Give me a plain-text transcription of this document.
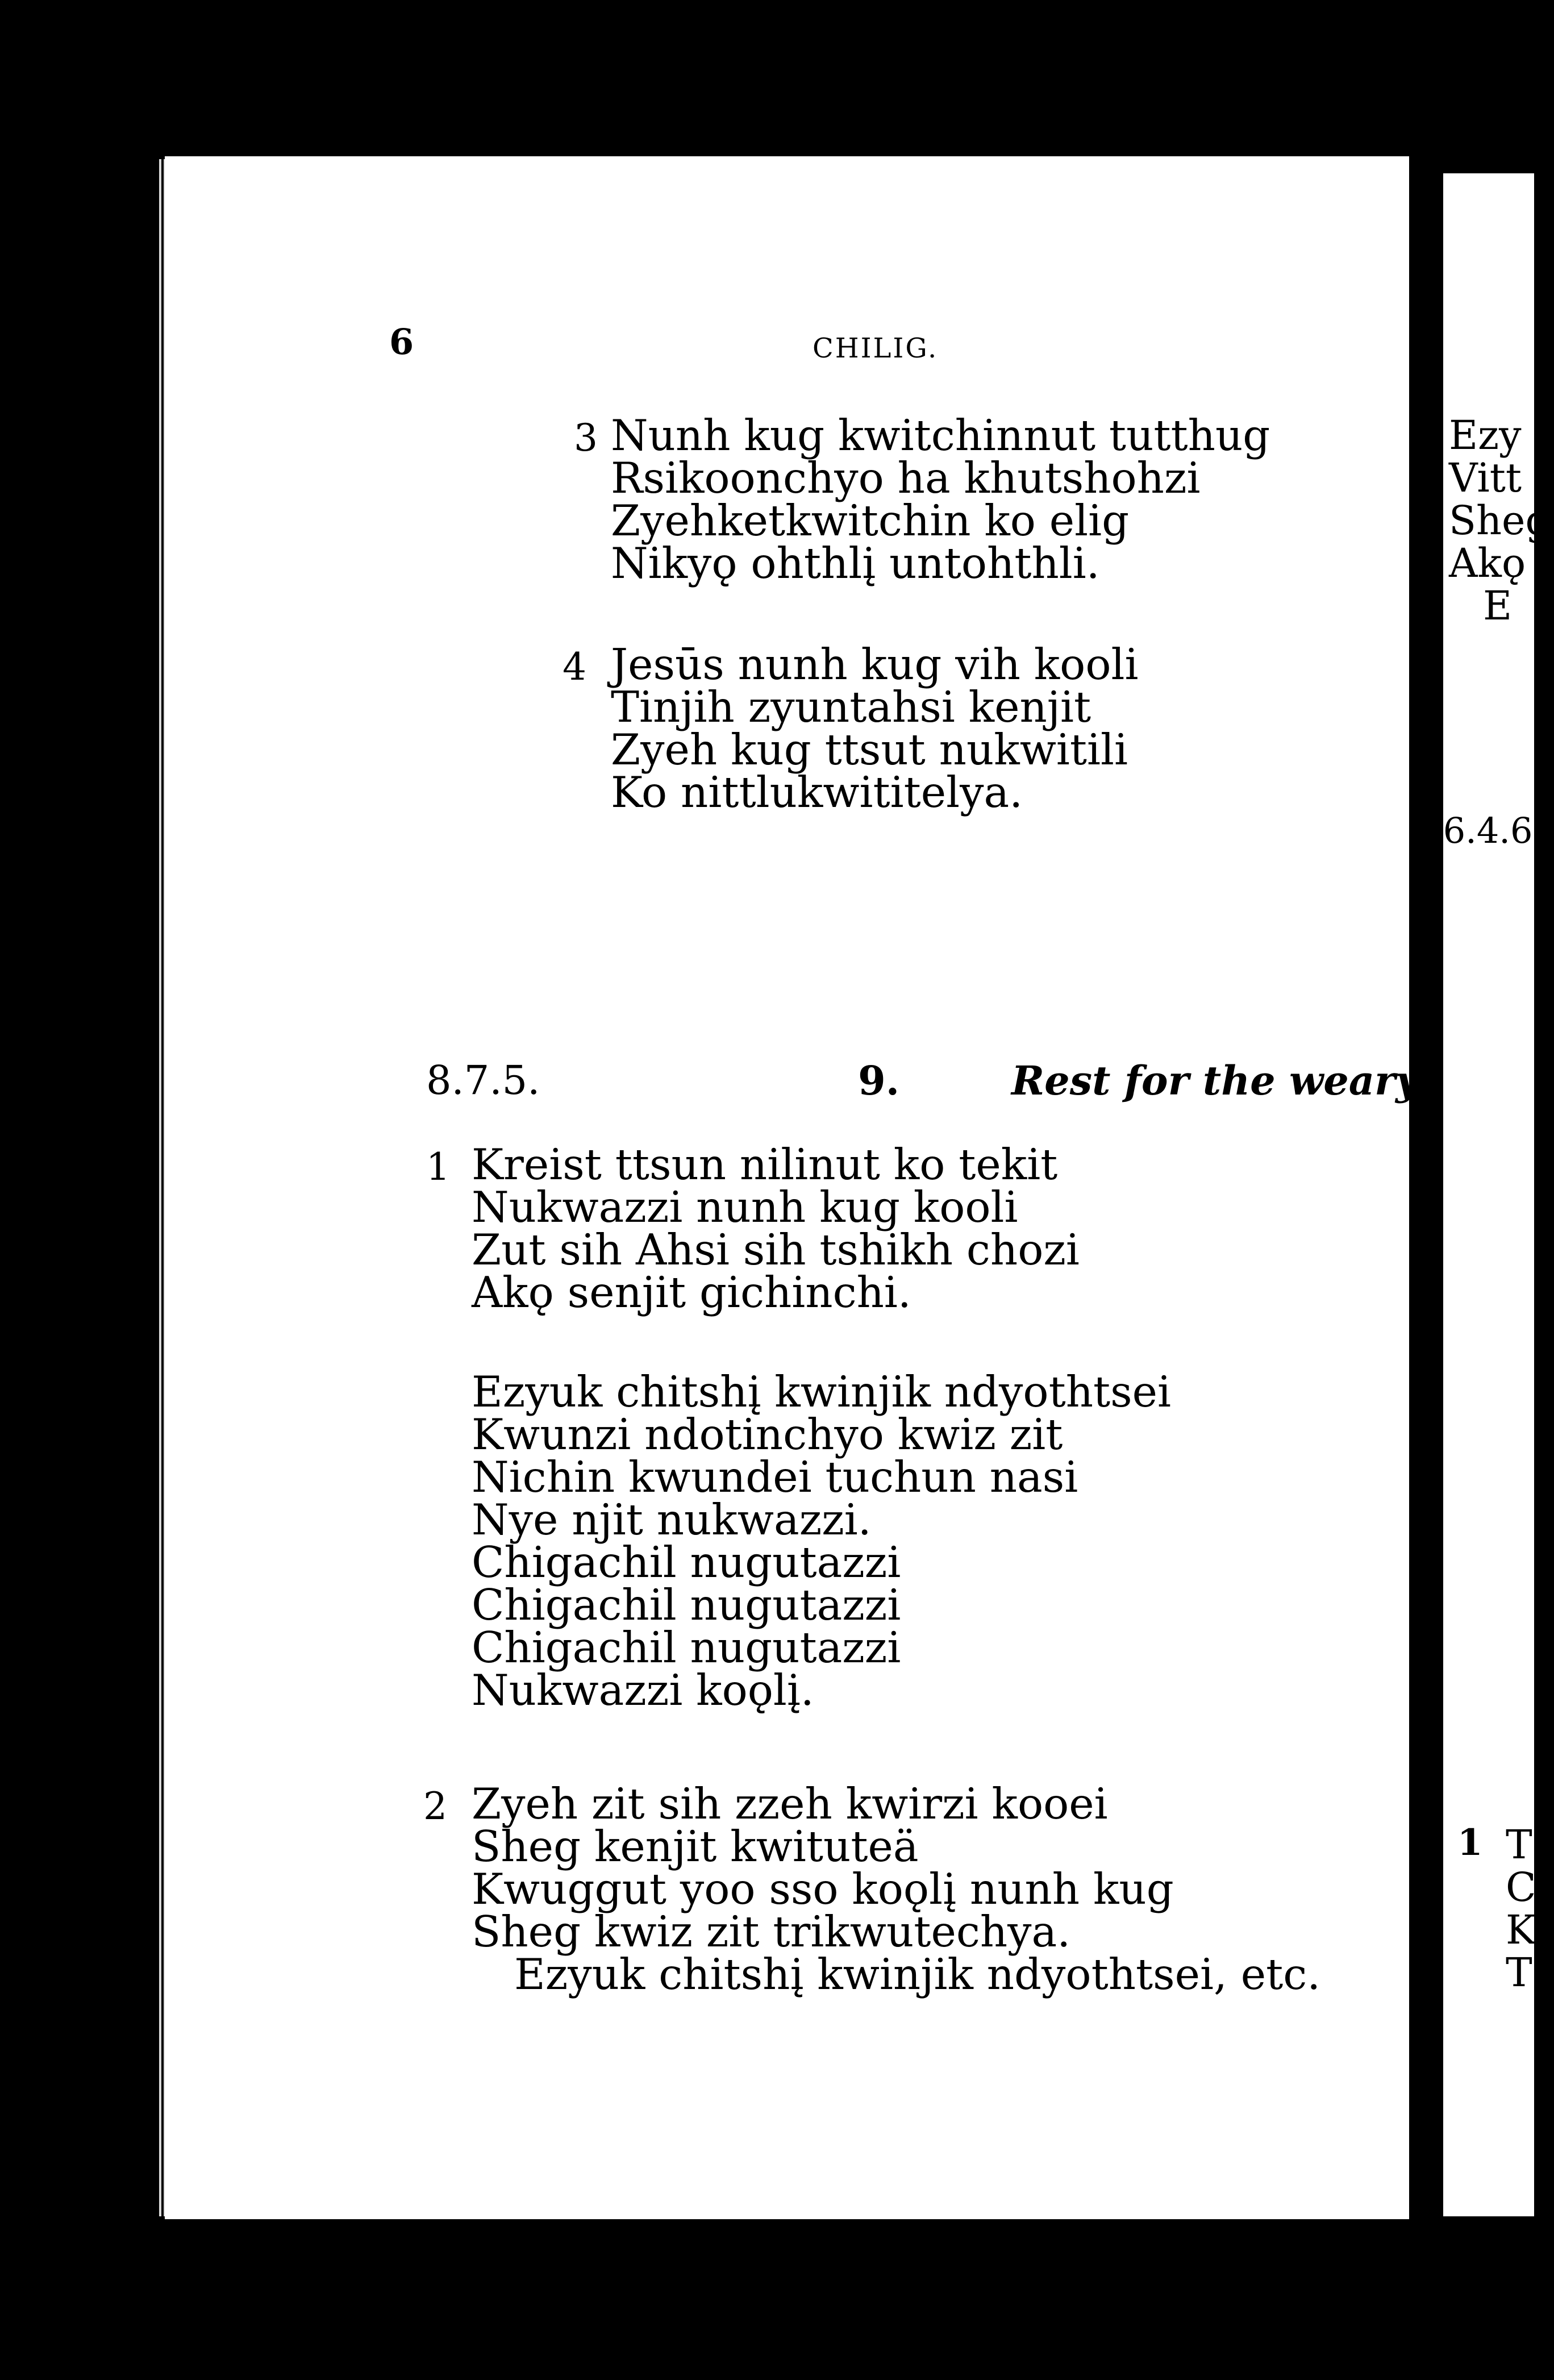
6	CHILIG.
3 Nunh kug kwitchinnut tutthug
Rsikoonchyo ha khutshohzi
Zyehketkwitchin ko elig
Nikyǫ ohthlį untohthli.
4 Jesūs nunh kug vih kooli
Tinjih zyuntahsi kenjit
Zyeh kug ttsut nukwitili
Ko nittlukwititelya.
8.7.5.	9.	Rest for the weary.
1 Kreist ttsun nilinut ko tekit
Nukwazzi nunh kug kooli
Zut sih Ahsi sih tshikh chozi
Akǫ senjit gichinchi.
Ezyuk chitshį kwinjik ndyothtsei
Kwunzi ndotinchyo kwiz zit
Nichin kwundei tuchun nasi
Nye njit nukwazzi.
Chigachil nugutazzi
Chigachil nugutazzi
Chigachil nugutazzi
Nukwazzi koǫlį.
2 Zyeh zit sih zzeh kwirzi kooei
Sheg kenjit kwituteä
Kwuggut yoo sso koǫlį nunh kug
Sheg kwiz zit trikwutechya.
Ezyuk chitshį kwinjik ndyothtsei, etc.
Ezy
Vitt
Sheg
Akǫ
E
.6.4.6.
1 T
C
K
T
